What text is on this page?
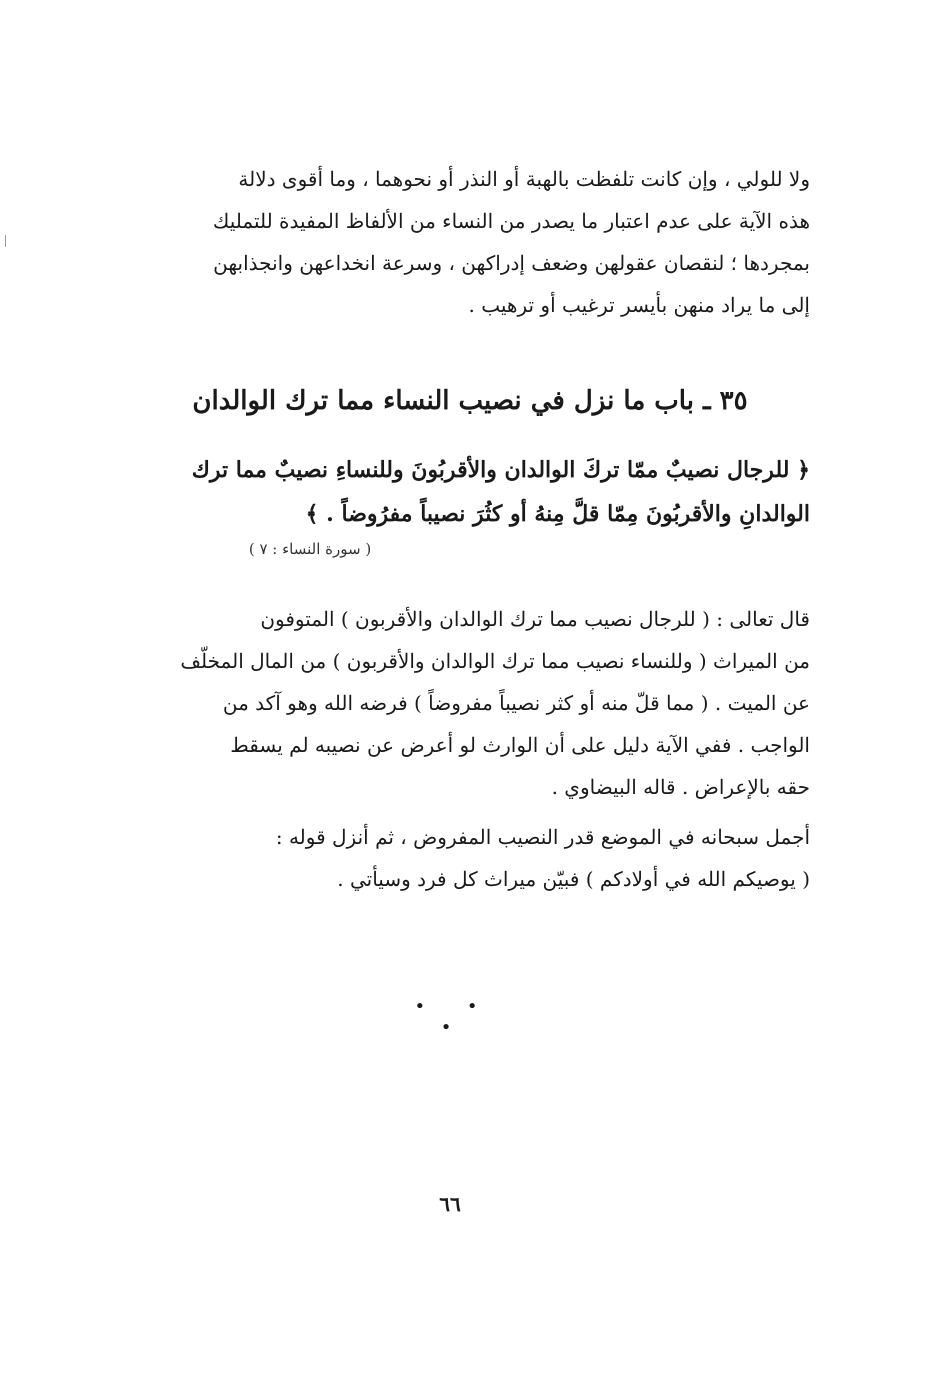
ولا للولي ، وإن كانت تلفظت بالهبة أو النذر أو نحوهما ، وما أقوى دلالة
هذه الآية على عدم اعتبار ما يصدر من النساء من الألفاظ المفيدة للتمليك
بمجردها ؛ لنقصان عقولهن وضعف إدراكهن ، وسرعة انخداعهن وانجذابهن
إلى ما يراد منهن بأيسر ترغيب أو ترهيب .
٣٥ ـ باب ما نزل في نصيب النساء مما ترك الوالدان
﴿ للرجال نصيبٌ ممّا تركَ الوالدان والأقربُونَ وللنساءِ نصيبٌ مما ترك
الوالدانِ والأقربُونَ مِمّا قلَّ مِنهُ أو كثُرَ نصيباً مفرُوضاً . ﴾
( سورة النساء : ٧ )
قال تعالى : ( للرجال نصيب مما ترك الوالدان والأقربون ) المتوفون
من الميراث ( وللنساء نصيب مما ترك الوالدان والأقربون ) من المال المخلّف
عن الميت . ( مما قلّ منه أو كثر نصيباً مفروضاً ) فرضه الله وهو آكد من
الواجب . ففي الآية دليل على أن الوارث لو أعرض عن نصيبه لم يسقط
حقه بالإعراض . قاله البيضاوي .
أجمل سبحانه في الموضع قدر النصيب المفروض ، ثم أنزل قوله :
( يوصيكم الله في أولادكم ) فبيّن ميراث كل فرد وسيأتي .
• • •
٦٦
